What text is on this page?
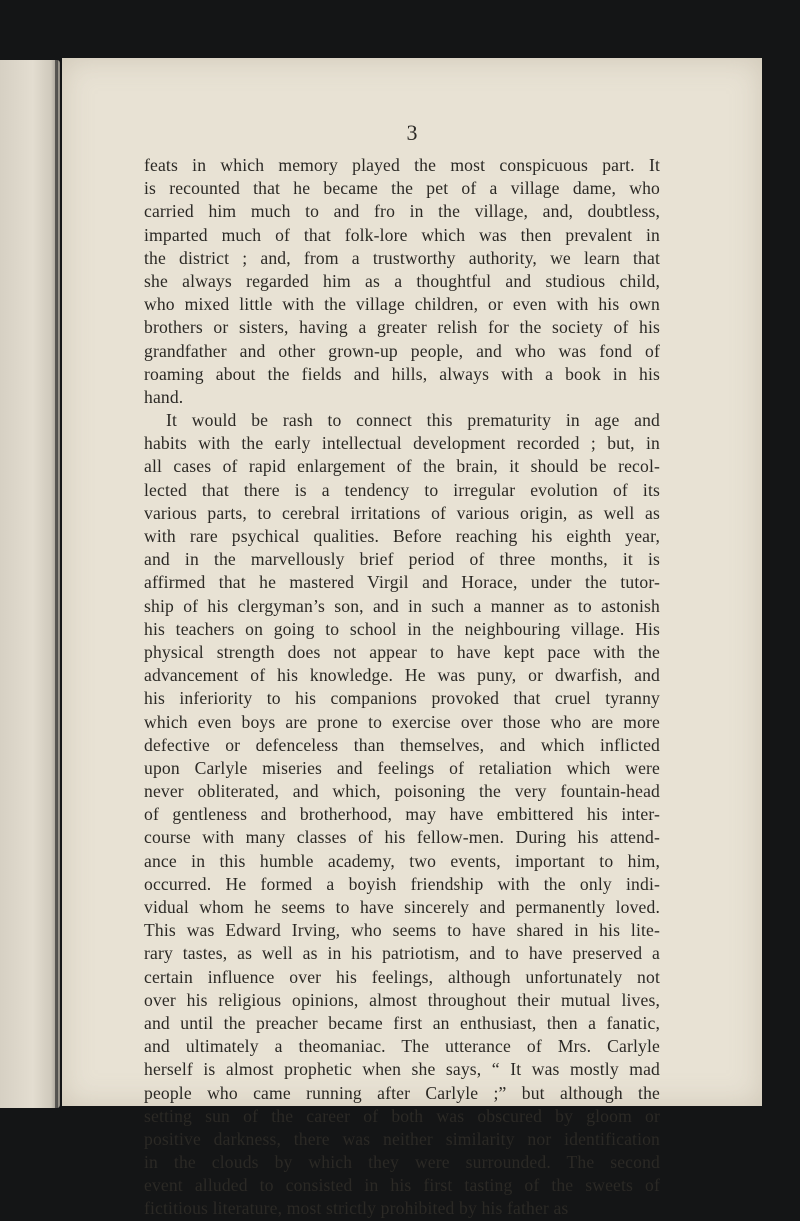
3
feats in which memory played the most conspicuous part. It
is recounted that he became the pet of a village dame, who
carried him much to and fro in the village, and, doubtless,
imparted much of that folk-lore which was then prevalent in
the district ; and, from a trustworthy authority, we learn that
she always regarded him as a thoughtful and studious child,
who mixed little with the village children, or even with his own
brothers or sisters, having a greater relish for the society of his
grandfather and other grown-up people, and who was fond of
roaming about the fields and hills, always with a book in his
hand.
It would be rash to connect this prematurity in age and
habits with the early intellectual development recorded ; but, in
all cases of rapid enlargement of the brain, it should be recol-
lected that there is a tendency to irregular evolution of its
various parts, to cerebral irritations of various origin, as well as
with rare psychical qualities. Before reaching his eighth year,
and in the marvellously brief period of three months, it is
affirmed that he mastered Virgil and Horace, under the tutor-
ship of his clergyman’s son, and in such a manner as to astonish
his teachers on going to school in the neighbouring village. His
physical strength does not appear to have kept pace with the
advancement of his knowledge. He was puny, or dwarfish, and
his inferiority to his companions provoked that cruel tyranny
which even boys are prone to exercise over those who are more
defective or defenceless than themselves, and which inflicted
upon Carlyle miseries and feelings of retaliation which were
never obliterated, and which, poisoning the very fountain-head
of gentleness and brotherhood, may have embittered his inter-
course with many classes of his fellow-men. During his attend-
ance in this humble academy, two events, important to him,
occurred. He formed a boyish friendship with the only indi-
vidual whom he seems to have sincerely and permanently loved.
This was Edward Irving, who seems to have shared in his lite-
rary tastes, as well as in his patriotism, and to have preserved a
certain influence over his feelings, although unfortunately not
over his religious opinions, almost throughout their mutual lives,
and until the preacher became first an enthusiast, then a fanatic,
and ultimately a theomaniac. The utterance of Mrs. Carlyle
herself is almost prophetic when she says, “ It was mostly mad
people who came running after Carlyle ;” but although the
setting sun of the career of both was obscured by gloom or
positive darkness, there was neither similarity nor identification
in the clouds by which they were surrounded. The second
event alluded to consisted in his first tasting of the sweets of
fictitious literature, most strictly prohibited by his father as
